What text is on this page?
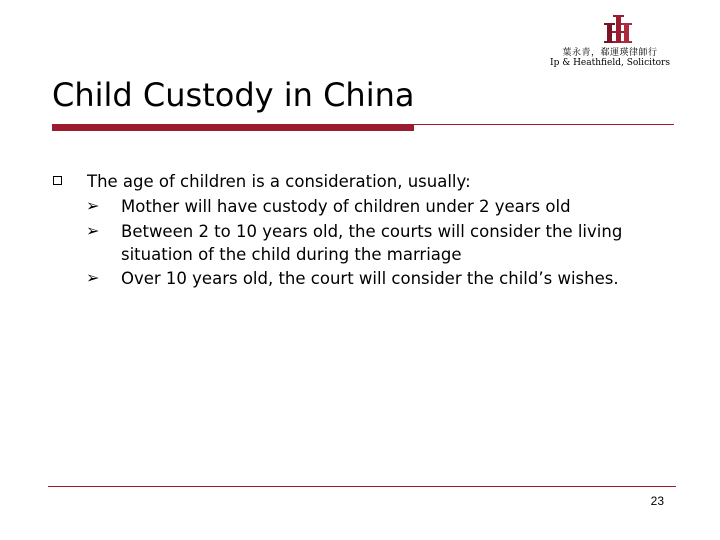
葉永青，郗運瑛律師行
Ip & Heathfield, Solicitors
Child Custody in China
The age of children is a consideration, usually:
➢ Mother will have custody of children under 2 years old
➢ Between 2 to 10 years old, the courts will consider the living
situation of the child during the marriage
➢ Over 10 years old, the court will consider the child’s wishes.
23
